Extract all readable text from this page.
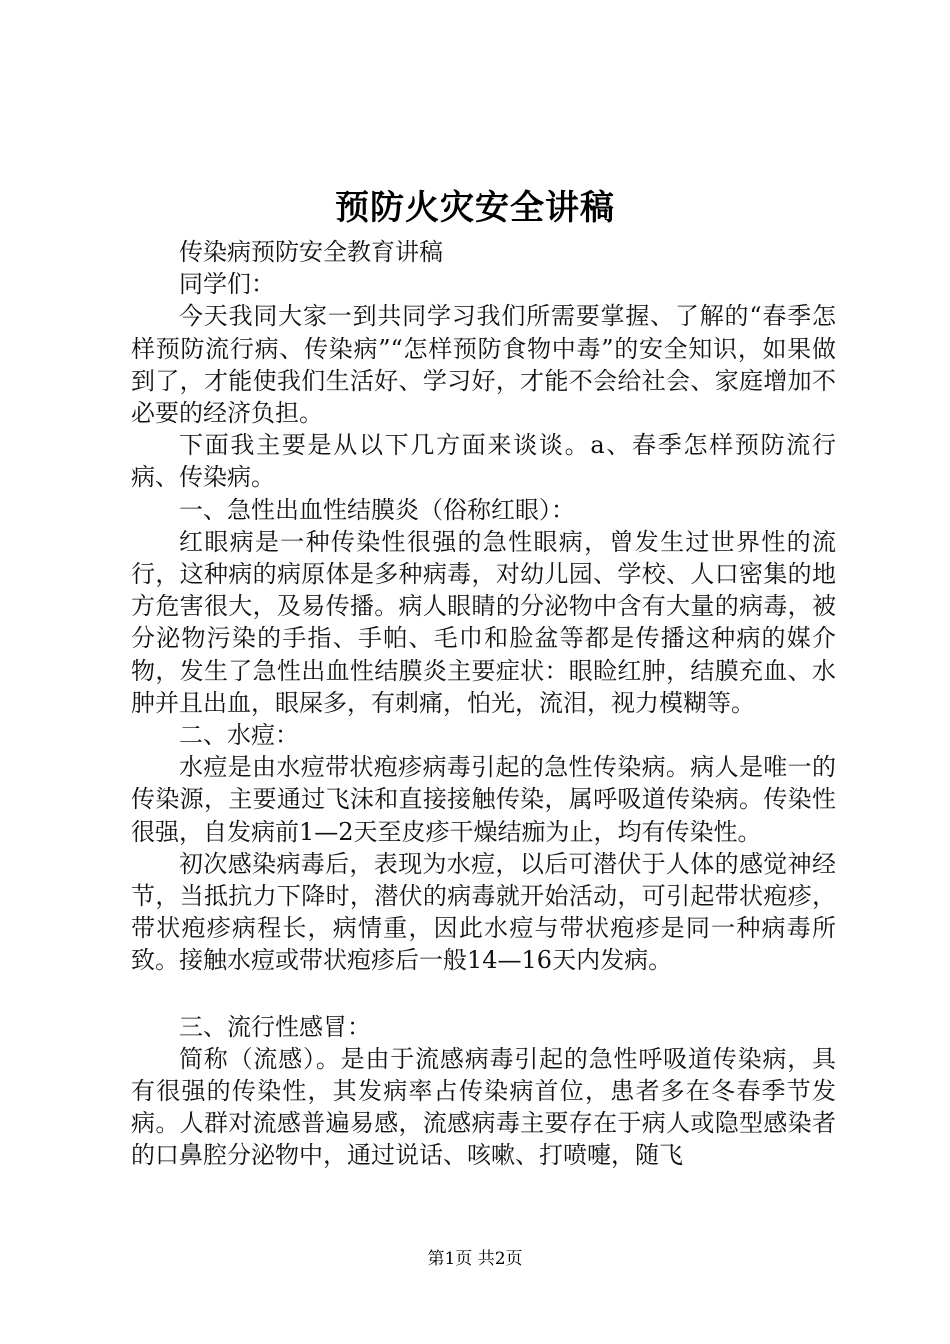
预防火灾安全讲稿

传染病预防安全教育讲稿

同学们：

今天我同大家一到共同学习我们所需要掌握、了解的“春季怎样预防流行病、传染病”“怎样预防食物中毒”的安全知识，如果做到了，才能使我们生活好、学习好，才能不会给社会、家庭增加不必要的经济负担。

下面我主要是从以下几方面来谈谈。a、春季怎样预防流行病、传染病。

一、急性出血性结膜炎（俗称红眼）：

红眼病是一种传染性很强的急性眼病，曾发生过世界性的流行，这种病的病原体是多种病毒，对幼儿园、学校、人口密集的地方危害很大，及易传播。病人眼睛的分泌物中含有大量的病毒，被分泌物污染的手指、手帕、毛巾和脸盆等都是传播这种病的媒介物，发生了急性出血性结膜炎主要症状：眼睑红肿，结膜充血、水肿并且出血，眼屎多，有刺痛，怕光，流泪，视力模糊等。

二、水痘：

水痘是由水痘带状疱疹病毒引起的急性传染病。病人是唯一的传染源，主要通过飞沫和直接接触传染，属呼吸道传染病。传染性很强，自发病前1—2天至皮疹干燥结痂为止，均有传染性。

初次感染病毒后，表现为水痘，以后可潜伏于人体的感觉神经节，当抵抗力下降时，潜伏的病毒就开始活动，可引起带状疱疹，带状疱疹病程长，病情重，因此水痘与带状疱疹是同一种病毒所致。接触水痘或带状疱疹后一般14—16天内发病。

三、流行性感冒：

简称（流感）。是由于流感病毒引起的急性呼吸道传染病，具有很强的传染性，其发病率占传染病首位，患者多在冬春季节发病。人群对流感普遍易感，流感病毒主要存在于病人或隐型感染者的口鼻腔分泌物中，通过说话、咳嗽、打喷嚏，随飞

第1页 共2页
